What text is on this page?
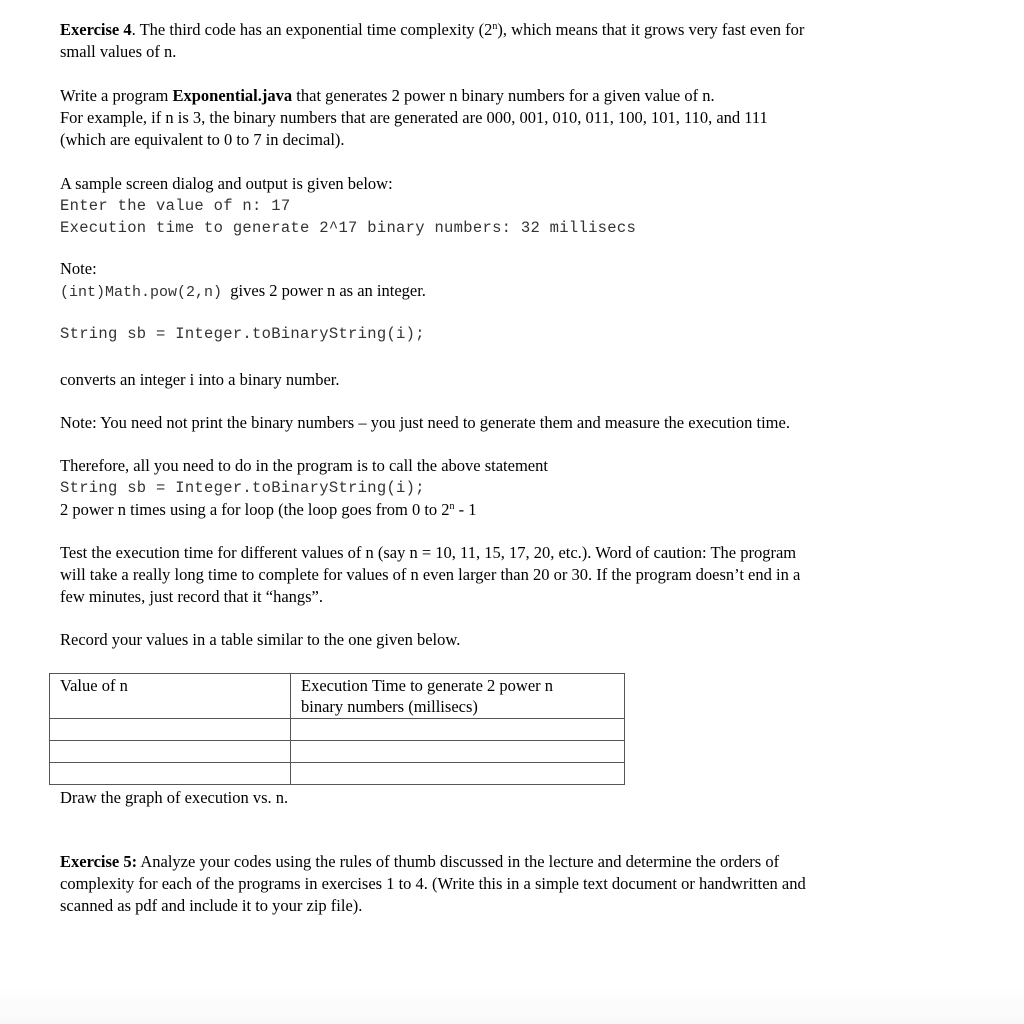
Exercise 4. The third code has an exponential time complexity (2$^n$), which means that it grows very fast even for
small values of n.
Write a program Exponential.java that generates 2 power n binary numbers for a given value of n.
For example, if n is 3, the binary numbers that are generated are 000, 001, 010, 011, 100, 101, 110, and 111
(which are equivalent to 0 to 7 in decimal).
A sample screen dialog and output is given below:
Enter the value of n: 17
Execution time to generate 2^17 binary numbers: 32 millisecs
Note:
(int)Math.pow(2,n) gives 2 power n as an integer.
String sb = Integer.toBinaryString(i);
converts an integer i into a binary number.
Note: You need not print the binary numbers – you just need to generate them and measure the execution time.
Therefore, all you need to do in the program is to call the above statement
String sb = Integer.toBinaryString(i);
2 power n times using a for loop (the loop goes from 0 to 2$^n$ - 1
Test the execution time for different values of n (say n = 10, 11, 15, 17, 20, etc.). Word of caution: The program
will take a really long time to complete for values of n even larger than 20 or 30. If the program doesn’t end in a
few minutes, just record that it “hangs”.
Record your values in a table similar to the one given below.
Value of n	Execution Time to generate 2 power n
binary numbers (millisecs)

Draw the graph of execution vs. n.
Exercise 5: Analyze your codes using the rules of thumb discussed in the lecture and determine the orders of
complexity for each of the programs in exercises 1 to 4. (Write this in a simple text document or handwritten and
scanned as pdf and include it to your zip file).
